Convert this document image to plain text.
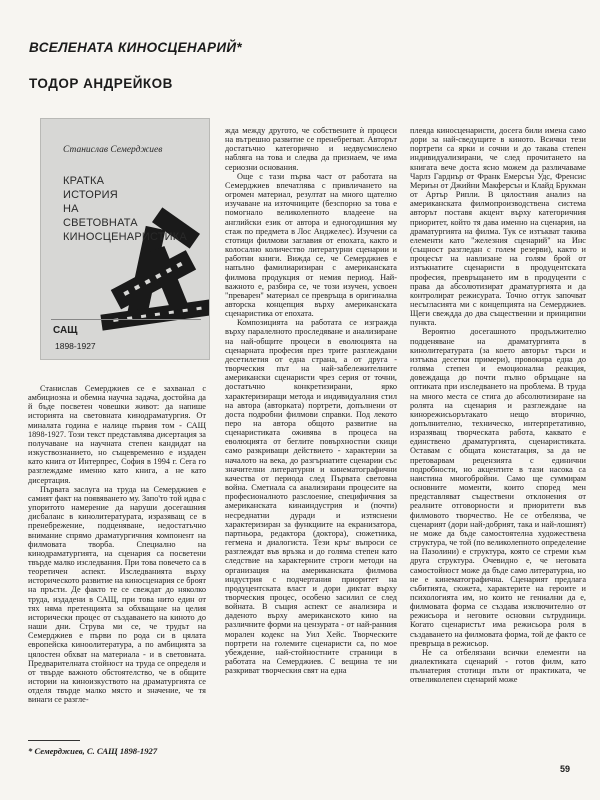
ВСЕЛЕНАТА КИНОСЦЕНАРИЙ*
ТОДОР АНДРЕЙКОВ
Станислав Семерджиев
КРАТКА
ИСТОРИЯ
НА
СВЕТОВНАТА
КИНОСЦЕНАРИСТИКА
САЩ
1898-1927

Станислав Семерджиев се е захванал с амбициозна и обемна научна задача, достойна да й бъде посветен човешки живот: да напише историята на световната кинодраматургия. От миналата година е налице първия том - САЩ 1898-1927. Този текст представлява дисертация за получаване на научната степен кандидат на изкуствознанието, но същевременно е издаден като книга от Интерпрес, София в 1994 г. Сега го разглеждаме именно като книга, а не като дисертация.

Първата заслуга на труда на Семерджиев е самият факт на появяването му. Запо'то той идва с упоритото намерение да наруши досегашния дисбаланс в кинолитературата, изразяващ се в пренебрежение, подценяване, недостатъчно внимание спрямо драматургичния компонент на филмовата творба. Специално на кинодраматургията, на сценария са посветени твърде малко изследвания. При това повечето са в теоретичен аспект. Изследванията върху историческото развитие на киносценария се броят на пръсти. Де факто те се свеждат до няколко труда, издадени в САЩ, при това нито един от тях няма претенцията за обхващане на целия исторически процес от създаването на киното до наши дни. Струва ми се, че трудът на Семерджиев е първи по рода си в цялата европейска киноолитература, а по амбицията за цялостен обхват на материала - и в световната. Предварителната стойност на труда се определя и от твърде важното обстоятелство, че в общите истории на киноизкуството на драматургията се отделя твърде малко място и значение, че тя винаги се разгле-

жда между другото, че собствените ѝ процеси на вътрешно развитие се пренебрегват. Авторът достатъчно категорично и недвусмислено набляга на това и следва да признаем, че има сериозни основания.

Още с тази първа част от работата на Семерджиев впечатлява с привличането на огромен материал, резултат на много щателно изучаване на източниците (безспорно за това е помогнало великолепното владеене на английски език от автора и едногодишния му стаж по предмета в Лос Анджелес). Изучени са стотици филмови заглавия от епохата, както и колосално количество литературни сценарии и работни книги. Вижда се, че Семерджиев е напълно фамилиаризиран с американската филмова продукция от немия период. Най-важното е, разбира се, че този изучен, усвоен "преварен" материал се превръща в оригинална авторска концепция върху американската сценаристика от епохата.

Композицията на работата се изгражда върху паралелното проследяване и анализиране на най-общите процеси в еволюцията на сценарната професия през трите разглеждани десетилетия от една страна, а от друга - творческия път на най-забележителните американски сценаристи чрез серия от точни, достатъчно конкретизирани, ярко характеризиращи метода и индивидуалния стил на автора (авторката) портрети, допълнени от доста подробни филмови справки. Под лекото перо на автора общото развитие на сценаристиката оживява в процеса на еволюцията от беглите повърхностни скици само разкриващи действието - характерни за началото на века, до разгърнатите сценарии със значителни литературни и кинематографични качества от периода след Първата световна война. Сметнала са анализирани процесите на професионалното разслоение, специфичния за американската кинаиндустрия и (почти) несреднатни дуради и изтяснени характеризиран за функциите на екранизатора, партньора, редактора (доктора), сюжетника, гегмена и диалогиста. Тези кръг въпроси се разглеждат във връзка и до голяма степен като следствие на характерните строги методи на организация на американската филмова индустрия с подчертания приоритет на продуцентската власт и дори диктат върху творческия процес, особено засилил се след войната. В същия аспект се анализира и даденото върху американското кино на различните форми на цензурата - от най-ранния морален кодекс на Уил Хейс. Творческите портрети на големите сценаристи са, по мое убеждение, най-стойностните страници в работата на Семерджиев. С вещина те ни разкриват творческия свят на една

плеяда киносценаристи, досега били имена само дори за най-сведущите в киното. Всички тези портрети са ярки и сочни и до такава степен индивидуализирани, че след прочитането на книгата вече доста ясно можем да различаваме Чарлз Гарднър от Франк Емерсън Удс, Френсис Мериън от Джийни Макферсън и Клайд Брукман от Артър Рипли. В цялостния анализ на американската филмопроизводствена система авторът поставя акцент върху категоричния приоритет, който тя дава именно на сценария, на драматургията на филма. Тук се изтъкват такива елементи като "железния сценарий" на Инс (същност разгледан с голем резерви), както и процесът на навлизане на голям брой от изтъкнатите сценаристи в продуцентската професия, превръщането им в продуценти с права да абсолютизират драматургията и да контролират режисурата. Точно оттук започват несъгласията ми с концепцията на Семерджиев. Щеги свеждда до два същественни и принципни пункта.

Вероятно досегашното продължително подценяване на драматургията в кинолитературата (за което авторът търси и изтъква десетки примери), провокира една до голяма степен и емоционална реакция, довеждаща до почти пълно обръщане на оптиката при изследването на проблема. В труда на много места се стига до абсолютизиране на ролята на сценария и разглеждане на кинорежисьорътакато нещо вторично, допълнително, техническо, интерпретативно, изразяващ творческата работа, каквато е единствено драматургията, сценаристиката. Оставам с общата констатация, за да не претоварвам рецензията с единични подробности, но акцентите в тази насока са наистина многобройни. Само ще суммирам основните моменти, които според мен представляват съществени отклонения от реалните отговорности и приоритети във филмовото творчество. Не се отбелязва, че сценарият (дори най-добрият, така и най-лошият) не може да бъде самостоятелна художествена структура, че той (по великолепното определение на Пазолини) е структура, която се стреми към друга структура. Очевидно е, че неговата самостойност може да бъде само литературна, но не е кинематографична. Сценарият предлага събитията, сюжета, характерите на героите и психологията им, но които не гениални да е, филмовата форма се създава изключително от режисьора и неговите основни сътрудници. Когато сценаристът има режисьора роля в създаването на филмовата форма, той де факто се превръща в режисьор.

Не са отбелязани всички елементи на диалектиката сценарий - готов филм, като пълнатерия стотици пъти от практиката, че отвеликолепен сценарий може

* Семерджиев, С. САЩ 1898-1927
59
